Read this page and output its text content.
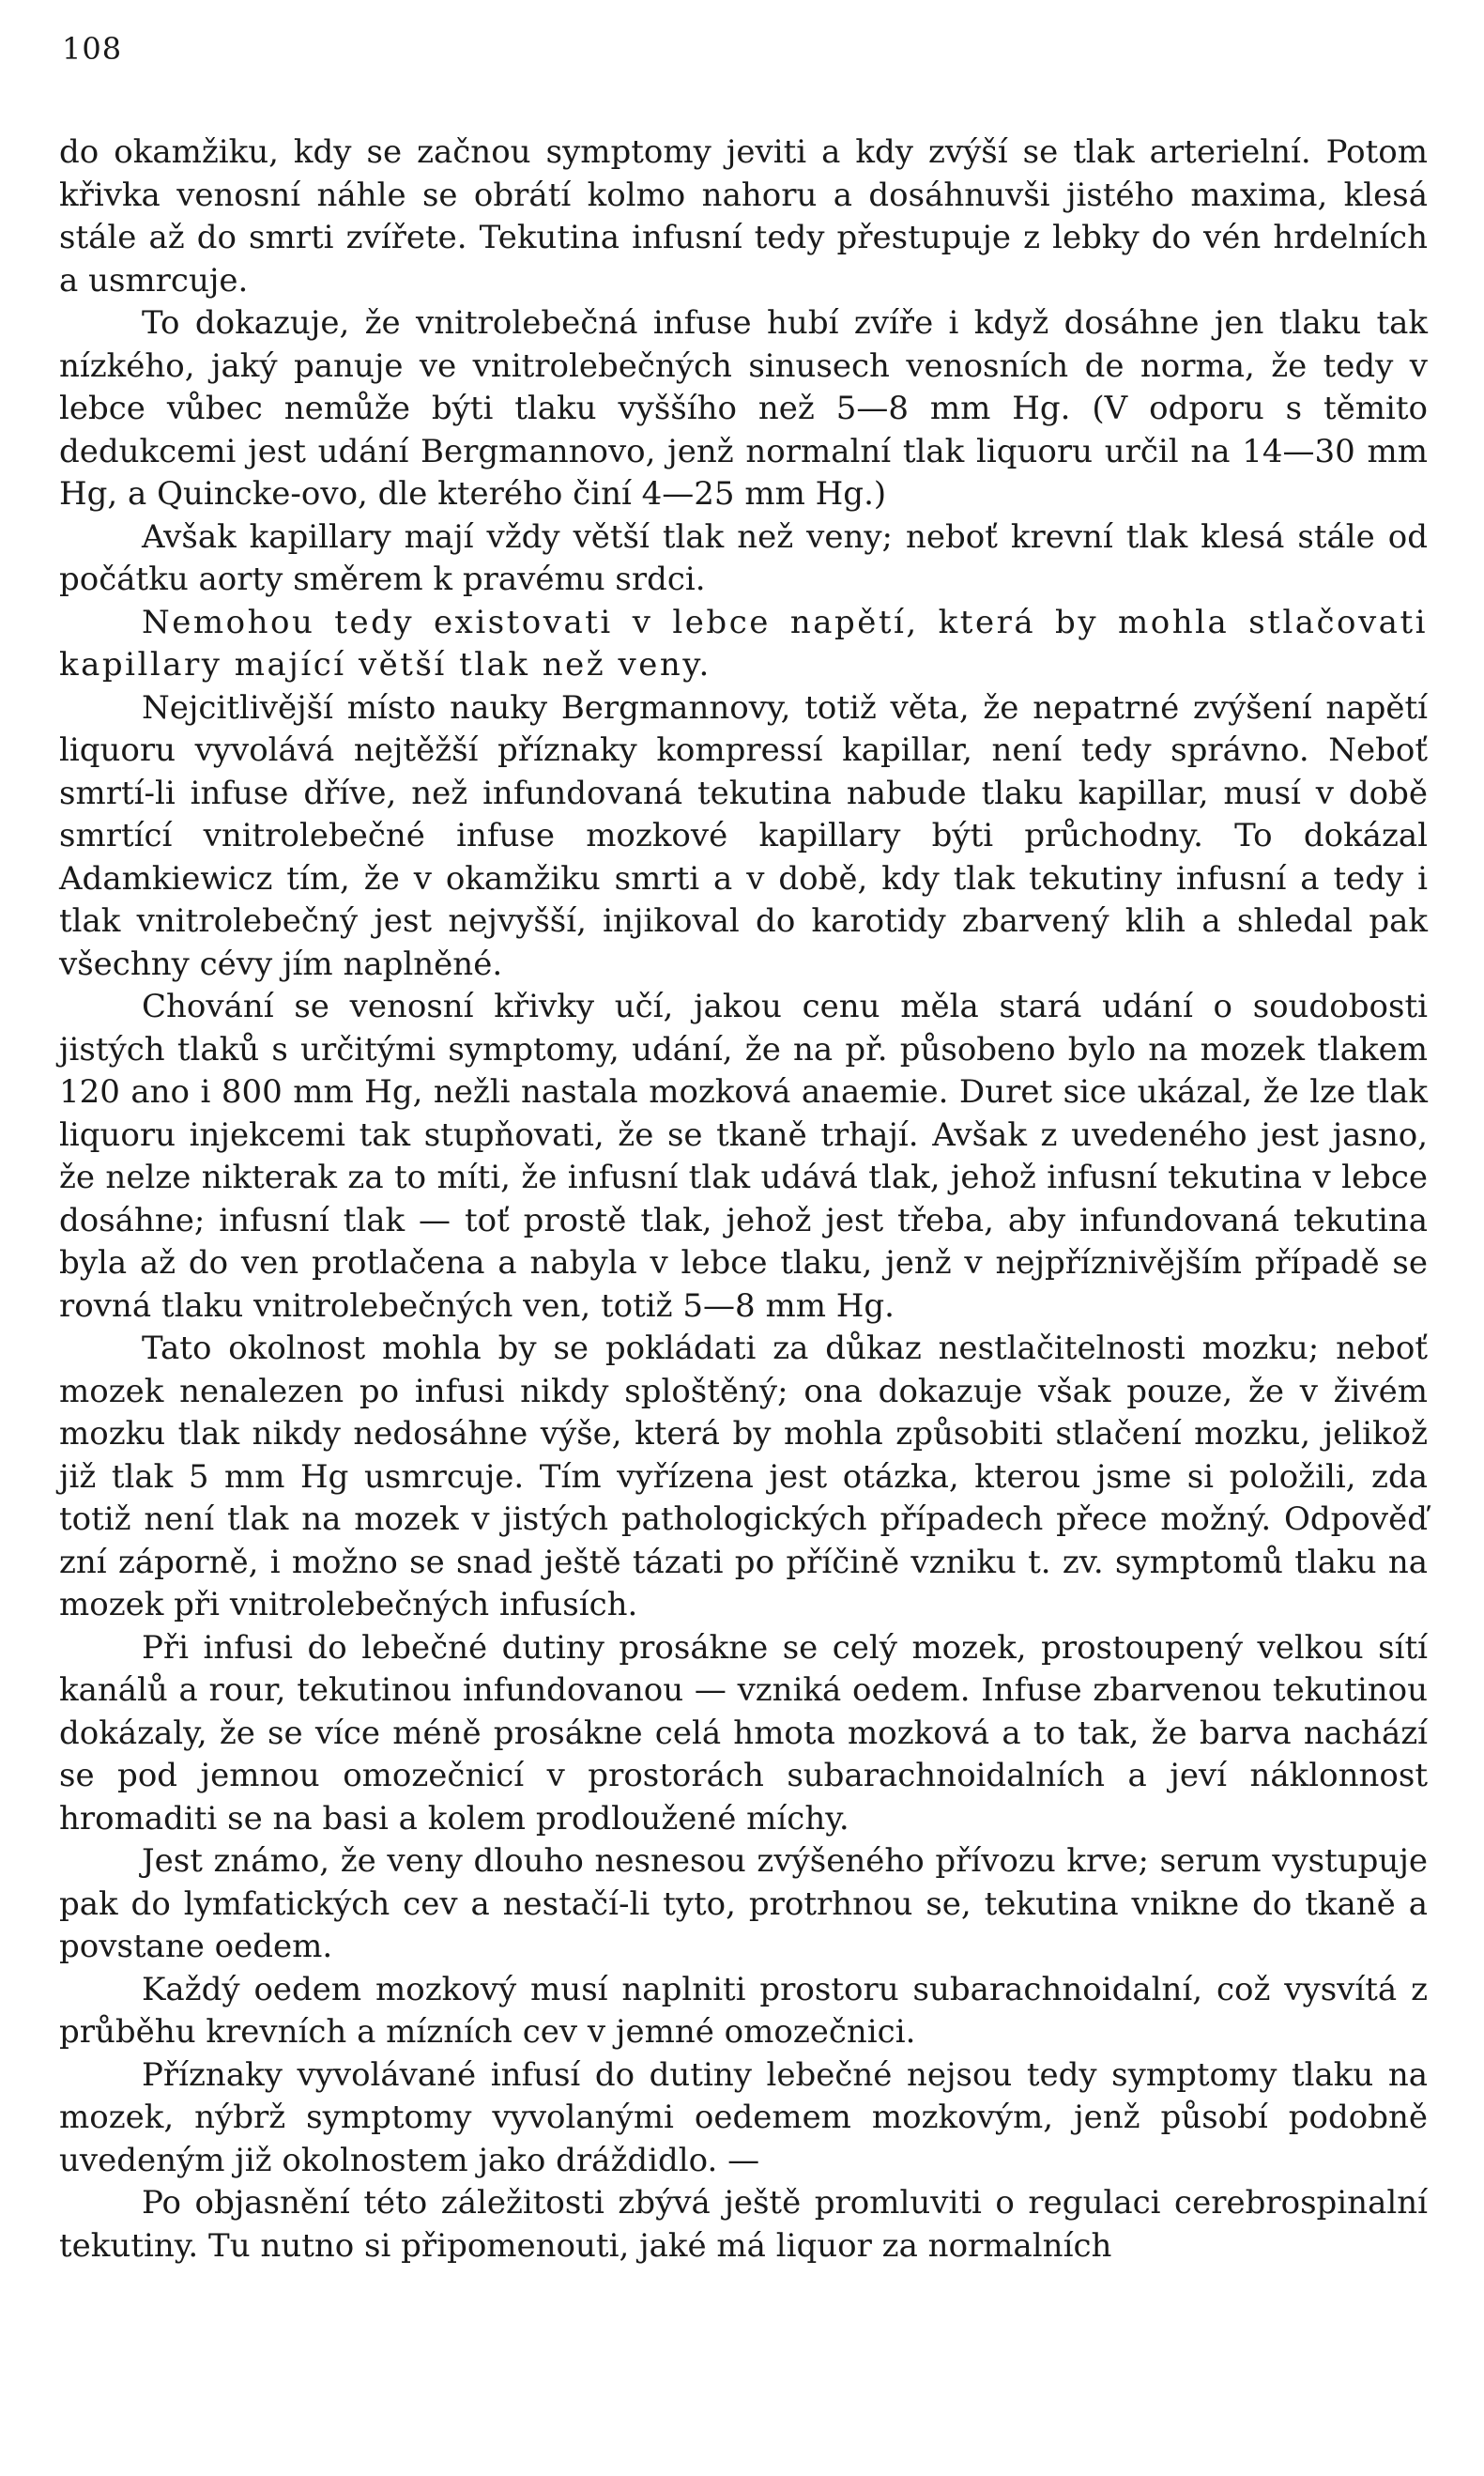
108

do okamžiku, kdy se začnou symptomy jeviti a kdy zvýší se tlak arterielní. Potom křivka venosní náhle se obrátí kolmo nahoru a dosáhnuvši jistého maxima, klesá stále až do smrti zvířete. Tekutina infusní tedy přestupuje z lebky do vén hrdelních a usmrcuje.

To dokazuje, že vnitrolebečná infuse hubí zvíře i když dosáhne jen tlaku tak nízkého, jaký panuje ve vnitrolebečných sinusech venosních de norma, že tedy v lebce vůbec nemůže býti tlaku vyššího než 5—8 mm Hg. (V odporu s těmito dedukcemi jest udání Bergmannovo, jenž normalní tlak liquoru určil na 14—30 mm Hg, a Quincke-ovo, dle kterého činí 4—25 mm Hg.)

Avšak kapillary mají vždy větší tlak než veny; neboť krevní tlak klesá stále od počátku aorty směrem k pravému srdci.

Nemohou tedy existovati v lebce napětí, která by mohla stlačovati kapillary mající větší tlak než veny.

Nejcitlivější místo nauky Bergmannovy, totiž věta, že nepatrné zvýšení napětí liquoru vyvolává nejtěžší příznaky kompressí kapillar, není tedy správno. Neboť smrtí-li infuse dříve, než infundovaná tekutina nabude tlaku kapillar, musí v době smrtící vnitrolebečné infuse mozkové kapillary býti průchodny. To dokázal Adamkiewicz tím, že v okamžiku smrti a v době, kdy tlak tekutiny infusní a tedy i tlak vnitrolebečný jest nejvyšší, injikoval do karotidy zbarvený klih a shledal pak všechny cévy jím naplněné.

Chování se venosní křivky učí, jakou cenu měla stará udání o soudobosti jistých tlaků s určitými symptomy, udání, že na př. působeno bylo na mozek tlakem 120 ano i 800 mm Hg, nežli nastala mozková anaemie. Duret sice ukázal, že lze tlak liquoru injekcemi tak stupňovati, že se tkaně trhají. Avšak z uvedeného jest jasno, že nelze nikterak za to míti, že infusní tlak udává tlak, jehož infusní tekutina v lebce dosáhne; infusní tlak — toť prostě tlak, jehož jest třeba, aby infundovaná tekutina byla až do ven protlačena a nabyla v lebce tlaku, jenž v nejpříznivějším případě se rovná tlaku vnitrolebečných ven, totiž 5—8 mm Hg.

Tato okolnost mohla by se pokládati za důkaz nestlačitelnosti mozku; neboť mozek nenalezen po infusi nikdy sploštěný; ona dokazuje však pouze, že v živém mozku tlak nikdy nedosáhne výše, která by mohla způsobiti stlačení mozku, jelikož již tlak 5 mm Hg usmrcuje. Tím vyřízena jest otázka, kterou jsme si položili, zda totiž není tlak na mozek v jistých pathologických případech přece možný. Odpověď zní záporně, i možno se snad ještě tázati po příčině vzniku t. zv. symptomů tlaku na mozek při vnitrolebečných infusích.

Při infusi do lebečné dutiny prosákne se celý mozek, prostoupený velkou sítí kanálů a rour, tekutinou infundovanou — vzniká oedem. Infuse zbarvenou tekutinou dokázaly, že se více méně prosákne celá hmota mozková a to tak, že barva nachází se pod jemnou omozečnicí v prostorách subarachnoidalních a jeví náklonnost hromaditi se na basi a kolem prodloužené míchy.

Jest známo, že veny dlouho nesnesou zvýšeného přívozu krve; serum vystupuje pak do lymfatických cev a nestačí-li tyto, protrhnou se, tekutina vnikne do tkaně a povstane oedem.

Každý oedem mozkový musí naplniti prostoru subarachnoidalní, což vysvítá z průběhu krevních a mízních cev v jemné omozečnici.

Příznaky vyvolávané infusí do dutiny lebečné nejsou tedy symptomy tlaku na mozek, nýbrž symptomy vyvolanými oedemem mozkovým, jenž působí podobně uvedeným již okolnostem jako dráždidlo. —

Po objasnění této záležitosti zbývá ještě promluviti o regulaci cerebrospinalní tekutiny. Tu nutno si připomenouti, jaké má liquor za normalních
